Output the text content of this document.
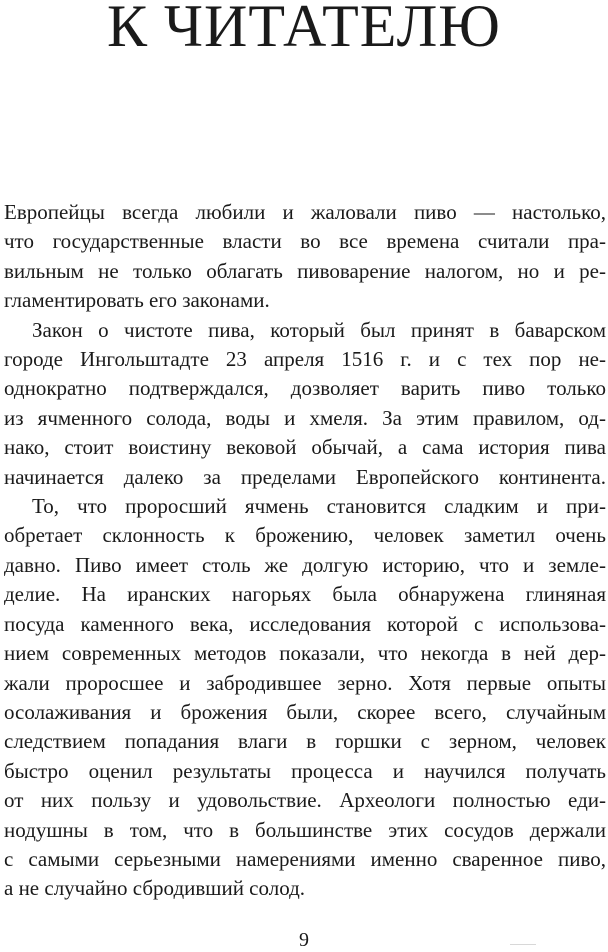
К ЧИТАТЕЛЮ
Европейцы всегда любили и жаловали пиво — настолько,
что государственные власти во все времена считали пра-
вильным не только облагать пивоварение налогом, но и ре-
гламентировать его законами.
Закон о чистоте пива, который был принят в баварском
городе Ингольштадте 23 апреля 1516 г. и с тех пор не-
однократно подтверждался, дозволяет варить пиво только
из ячменного солода, воды и хмеля. За этим правилом, од-
нако, стоит воистину вековой обычай, а сама история пива
начинается далеко за пределами Европейского континента.
То, что проросший ячмень становится сладким и при-
обретает склонность к брожению, человек заметил очень
давно. Пиво имеет столь же долгую историю, что и земле-
делие. На иранских нагорьях была обнаружена глиняная
посуда каменного века, исследования которой с использова-
нием современных методов показали, что некогда в ней дер-
жали проросшее и забродившее зерно. Хотя первые опыты
осолаживания и брожения были, скорее всего, случайным
следствием попадания влаги в горшки с зерном, человек
быстро оценил результаты процесса и научился получать
от них пользу и удовольствие. Археологи полностью еди-
нодушны в том, что в большинстве этих сосудов держали
с самыми серьезными намерениями именно сваренное пиво,
а не случайно сбродивший солод.
9
